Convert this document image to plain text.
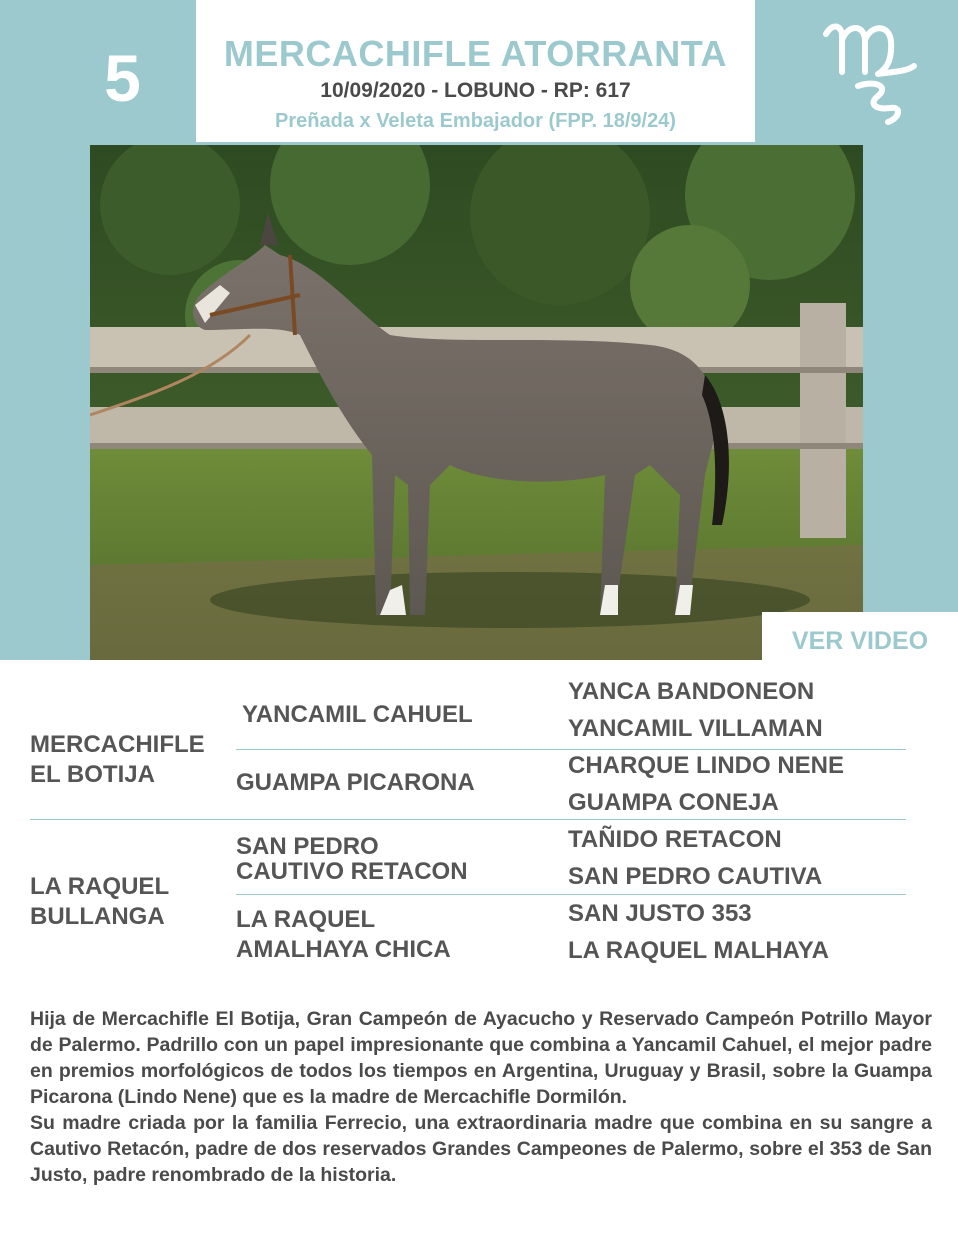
5	MERCACHIFLE ATORRANTA
10/09/2020 - LOBUNO - RP: 617
Preñada x Veleta Embajador (FPP. 18/9/24)
VER VIDEO
MERCACHIFLE
EL BOTIJA
LA RAQUEL
BULLANGA
YANCAMIL CAHUEL
GUAMPA PICARONA
SAN PEDRO
CAUTIVO RETACON
LA RAQUEL
AMALHAYA CHICA
YANCA BANDONEON
YANCAMIL VILLAMAN
CHARQUE LINDO NENE
GUAMPA CONEJA
TAÑIDO RETACON
SAN PEDRO CAUTIVA
SAN JUSTO 353
LA RAQUEL MALHAYA

Hija de Mercachifle El Botija, Gran Campeón de Ayacucho y Reservado Campeón Potrillo Mayor de Palermo. Padrillo con un papel impresionante que combina a Yancamil Cahuel, el mejor padre en premios morfológicos de todos los tiempos en Argentina, Uruguay y Brasil, sobre la Guampa Picarona (Lindo Nene) que es la madre de Mercachifle Dormilón.

Su madre criada por la familia Ferrecio, una extraordinaria madre que combina en su sangre a Cautivo Retacón, padre de dos reservados Grandes Campeones de Palermo, sobre el 353 de San Justo, padre renombrado de la historia.
